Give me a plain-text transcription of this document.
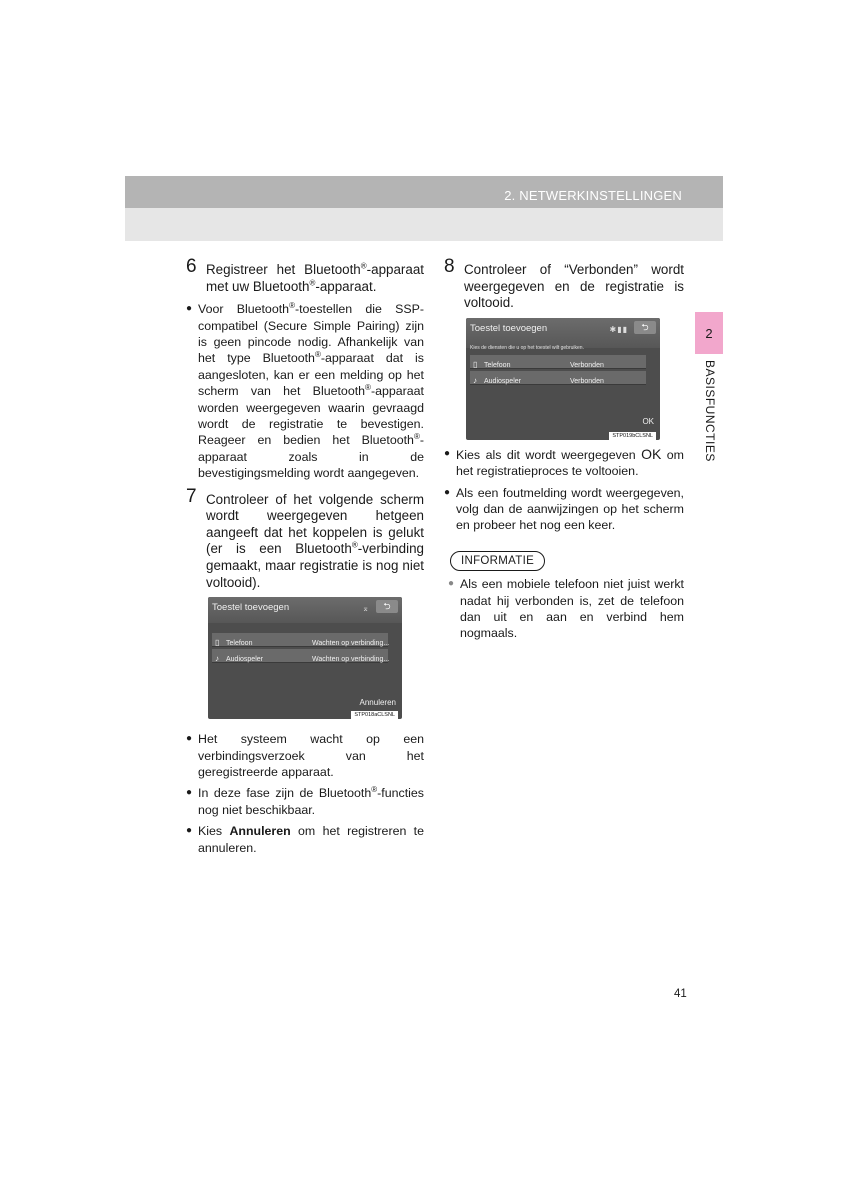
2. NETWERKINSTELLINGEN
2
BASISFUNCTIES
6 Registreer het Bluetooth®-apparaat met uw Bluetooth®-apparaat.
● Voor Bluetooth®-toestellen die SSP-compatibel (Secure Simple Pairing) zijn is geen pincode nodig. Afhankelijk van het type Bluetooth®-apparaat dat is aangesloten, kan er een melding op het scherm van het Bluetooth®-apparaat worden weergegeven waarin gevraagd wordt de registratie te bevestigen. Reageer en bedien het Bluetooth®-apparaat zoals in de bevestigingsmelding wordt aangegeven.
7 Controleer of het volgende scherm wordt weergegeven hetgeen aangeeft dat het koppelen is gelukt (er is een Bluetooth®-verbinding gemaakt, maar registratie is nog niet voltooid).
Toestel toevoegen	⌅	⮌
▯ Telefoon	Wachten op verbinding...
♪ Audiospeler	Wachten op verbinding...
Annuleren
STP018aCLSNL
● Het systeem wacht op een verbindingsverzoek van het geregistreerde apparaat.
● In deze fase zijn de Bluetooth®-functies nog niet beschikbaar.
● Kies Annuleren om het registreren te annuleren.
8 Controleer of “Verbonden” wordt weergegeven en de registratie is voltooid.
Toestel toevoegen
Kies de diensten die u op het toestel wilt gebruiken.
✱▮▮	⮌
▯ Telefoon	Verbonden
♪ Audiospeler	Verbonden
OK
STP019bCLSNL
● Kies als dit wordt weergegeven OK om het registratieproces te voltooien.
● Als een foutmelding wordt weergegeven, volg dan de aanwijzingen op het scherm en probeer het nog een keer.
INFORMATIE
● Als een mobiele telefoon niet juist werkt nadat hij verbonden is, zet de telefoon dan uit en aan en verbind hem nogmaals.
41
